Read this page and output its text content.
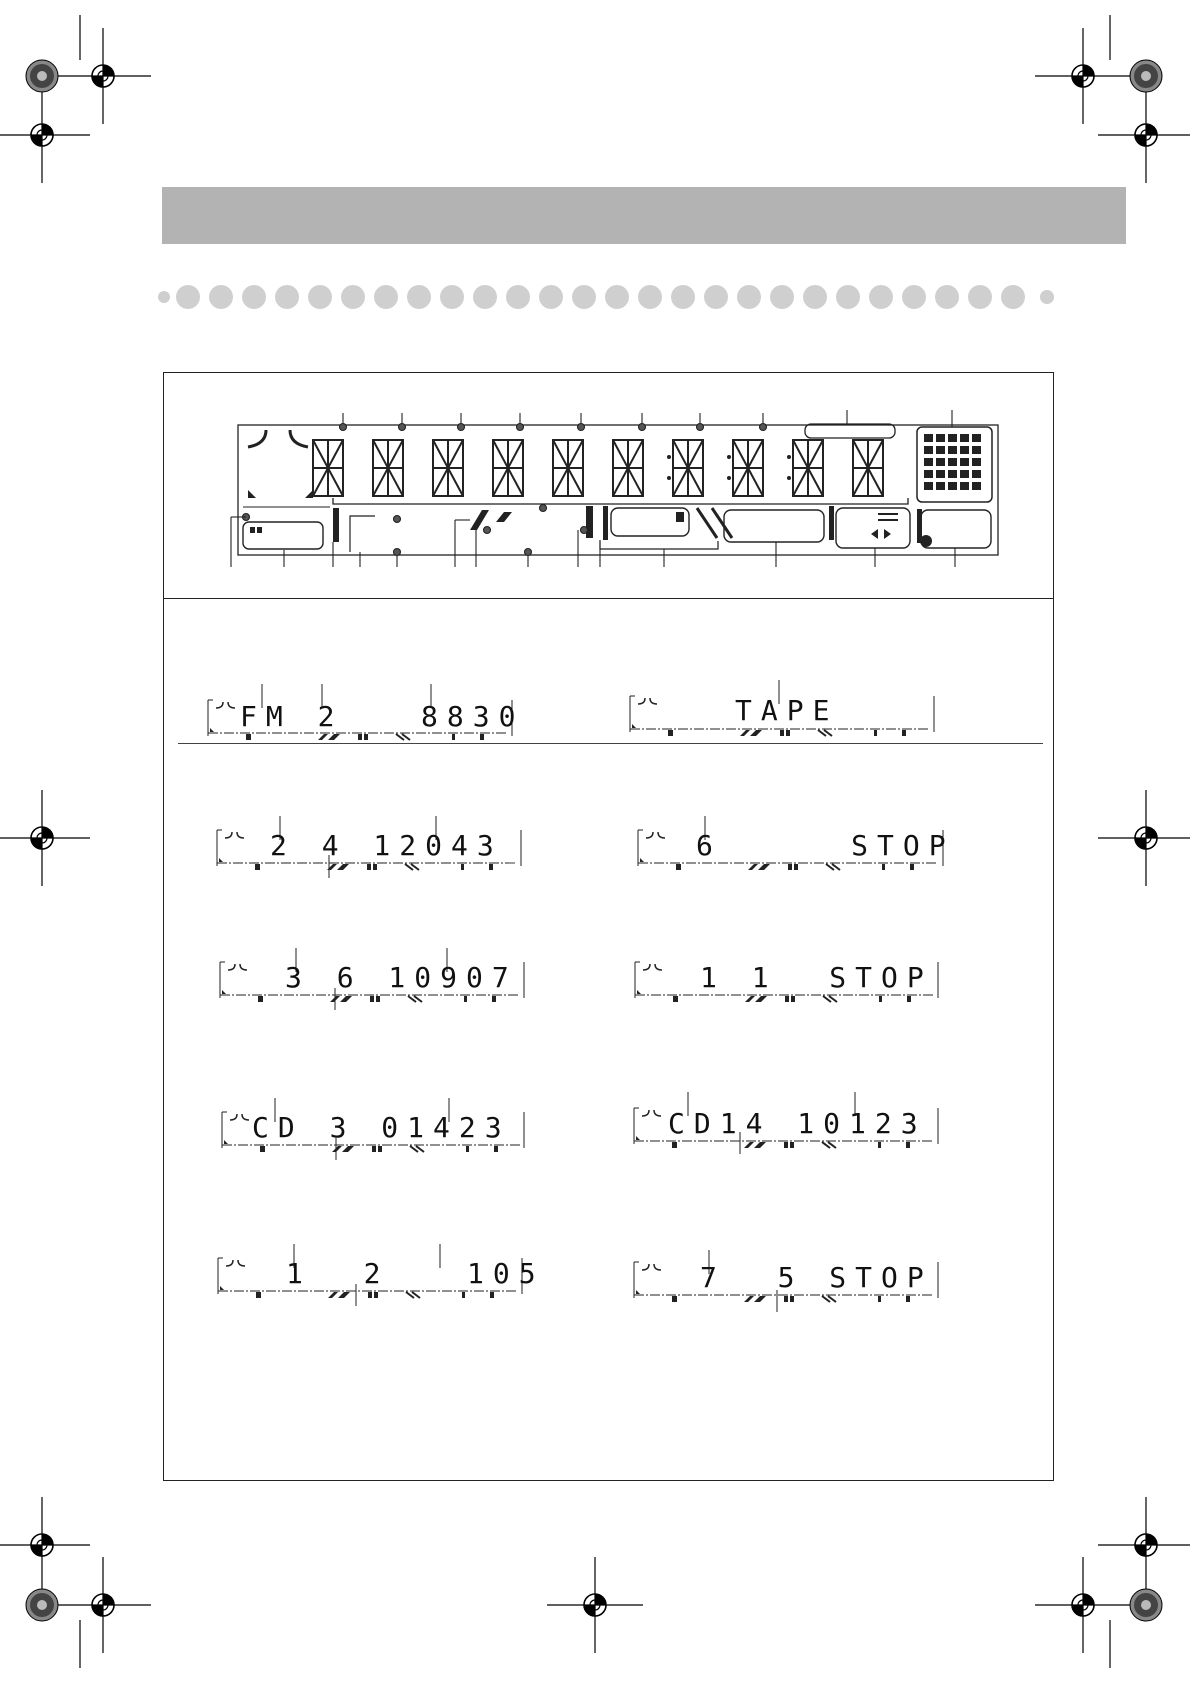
FM 2   8830	TAPE
2 4 12043	6     STOP
3 6 10907	1 1  STOP
CD 3 01423	CD14 10123
1  2   105	7  5 STOP
